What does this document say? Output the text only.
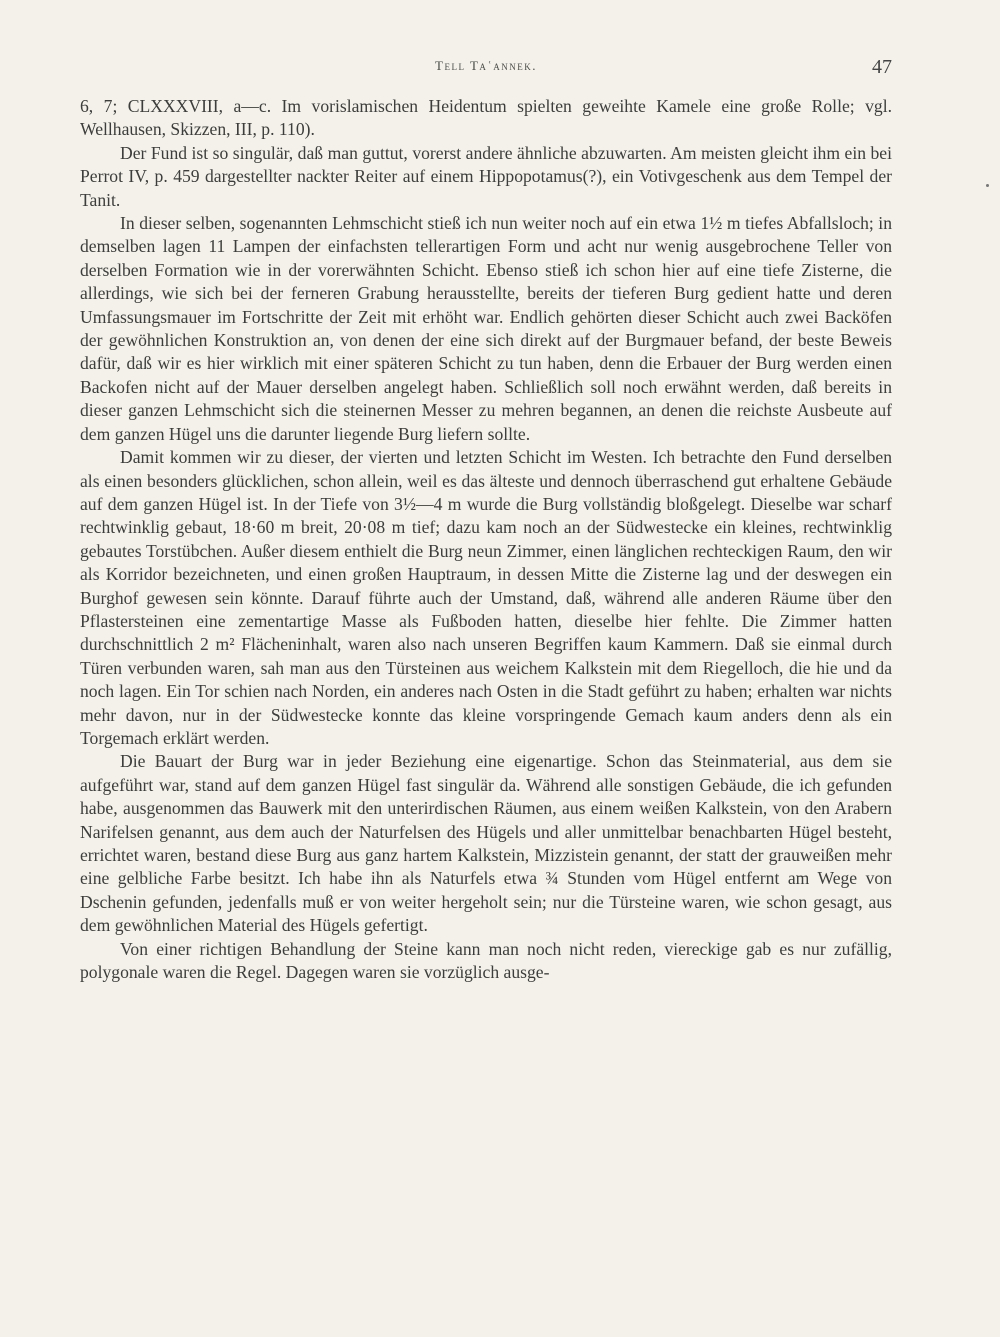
Tell Taʿannek.	47

6, 7; CLXXXVIII, a—c. Im vorislamischen Heidentum spielten geweihte Kamele eine große Rolle; vgl. Wellhausen, Skizzen, III, p. 110).

Der Fund ist so singulär, daß man guttut, vorerst andere ähnliche abzuwarten. Am meisten gleicht ihm ein bei Perrot IV, p. 459 dargestellter nackter Reiter auf einem Hippopotamus(?), ein Votivgeschenk aus dem Tempel der Tanit.

In dieser selben, sogenannten Lehmschicht stieß ich nun weiter noch auf ein etwa 1½ m tiefes Abfallsloch; in demselben lagen 11 Lampen der einfachsten tellerartigen Form und acht nur wenig ausgebrochene Teller von derselben Formation wie in der vorerwähnten Schicht. Ebenso stieß ich schon hier auf eine tiefe Zisterne, die allerdings, wie sich bei der ferneren Grabung herausstellte, bereits der tieferen Burg gedient hatte und deren Umfassungsmauer im Fortschritte der Zeit mit erhöht war. Endlich gehörten dieser Schicht auch zwei Backöfen der gewöhnlichen Konstruktion an, von denen der eine sich direkt auf der Burgmauer befand, der beste Beweis dafür, daß wir es hier wirklich mit einer späteren Schicht zu tun haben, denn die Erbauer der Burg werden einen Backofen nicht auf der Mauer derselben angelegt haben. Schließlich soll noch erwähnt werden, daß bereits in dieser ganzen Lehmschicht sich die steinernen Messer zu mehren begannen, an denen die reichste Ausbeute auf dem ganzen Hügel uns die darunter liegende Burg liefern sollte.

Damit kommen wir zu dieser, der vierten und letzten Schicht im Westen. Ich betrachte den Fund derselben als einen besonders glücklichen, schon allein, weil es das älteste und dennoch überraschend gut erhaltene Gebäude auf dem ganzen Hügel ist. In der Tiefe von 3½—4 m wurde die Burg vollständig bloßgelegt. Dieselbe war scharf rechtwinklig gebaut, 18·60 m breit, 20·08 m tief; dazu kam noch an der Südwestecke ein kleines, rechtwinklig gebautes Torstübchen. Außer diesem enthielt die Burg neun Zimmer, einen länglichen rechteckigen Raum, den wir als Korridor bezeichneten, und einen großen Hauptraum, in dessen Mitte die Zisterne lag und der deswegen ein Burghof gewesen sein könnte. Darauf führte auch der Umstand, daß, während alle anderen Räume über den Pflastersteinen eine zementartige Masse als Fußboden hatten, dieselbe hier fehlte. Die Zimmer hatten durchschnittlich 2 m² Flächeninhalt, waren also nach unseren Begriffen kaum Kammern. Daß sie einmal durch Türen verbunden waren, sah man aus den Türsteinen aus weichem Kalkstein mit dem Riegelloch, die hie und da noch lagen. Ein Tor schien nach Norden, ein anderes nach Osten in die Stadt geführt zu haben; erhalten war nichts mehr davon, nur in der Südwestecke konnte das kleine vorspringende Gemach kaum anders denn als ein Torgemach erklärt werden.

Die Bauart der Burg war in jeder Beziehung eine eigenartige. Schon das Steinmaterial, aus dem sie aufgeführt war, stand auf dem ganzen Hügel fast singulär da. Während alle sonstigen Gebäude, die ich gefunden habe, ausgenommen das Bauwerk mit den unterirdischen Räumen, aus einem weißen Kalkstein, von den Arabern Narifelsen genannt, aus dem auch der Naturfelsen des Hügels und aller unmittelbar benachbarten Hügel besteht, errichtet waren, bestand diese Burg aus ganz hartem Kalkstein, Mizzistein genannt, der statt der grauweißen mehr eine gelbliche Farbe besitzt. Ich habe ihn als Naturfels etwa ¾ Stunden vom Hügel entfernt am Wege von Dschenin gefunden, jedenfalls muß er von weiter hergeholt sein; nur die Türsteine waren, wie schon gesagt, aus dem gewöhnlichen Material des Hügels gefertigt.

Von einer richtigen Behandlung der Steine kann man noch nicht reden, viereckige gab es nur zufällig, polygonale waren die Regel. Dagegen waren sie vorzüglich ausge-
